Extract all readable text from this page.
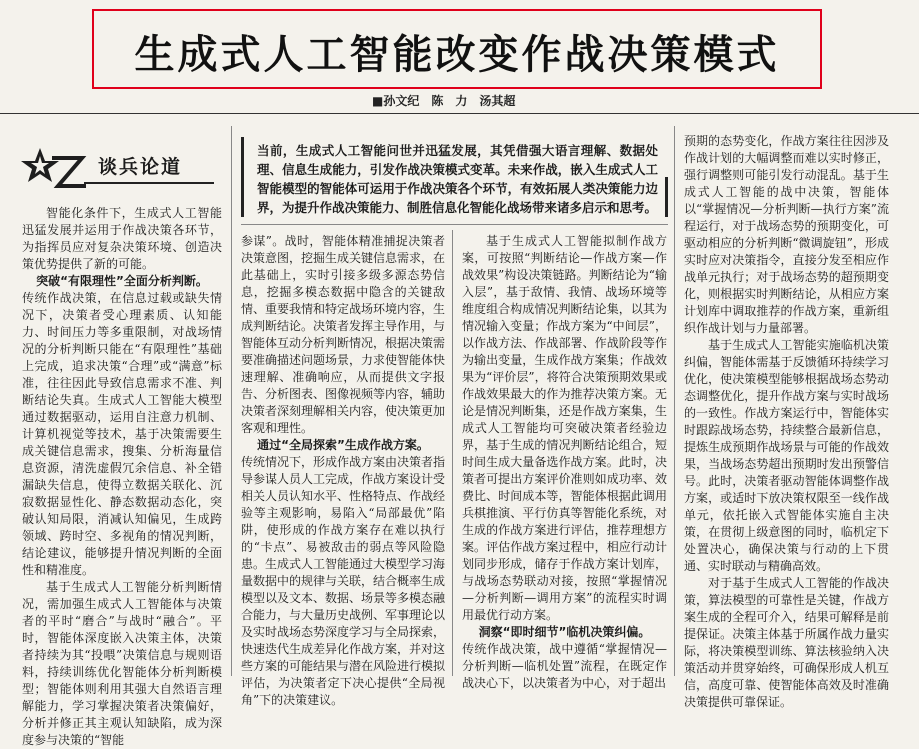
生成式人工智能改变作战决策模式
■孙文纪　陈　力　汤其超
谈兵论道
当前，生成式人工智能问世并迅猛发展，其凭借强大语言理解、数据处理、信息生成能力，引发作战决策模式变革。未来作战，嵌入生成式人工智能模型的智能体可运用于作战决策各个环节，有效拓展人类决策能力边界，为提升作战决策能力、制胜信息化智能化战场带来诸多启示和思考。

智能化条件下，生成式人工智能迅猛发展并运用于作战决策各环节，为指挥员应对复杂决策环境、创造决策优势提供了新的可能。

突破“有限理性”全面分析判断。

传统作战决策，在信息过载或缺失情况下，决策者受心理素质、认知能力、时间压力等多重限制，对战场情况的分析判断只能在“有限理性”基础上完成，追求决策“合理”或“满意”标准，往往因此导致信息需求不准、判断结论失真。生成式人工智能大模型通过数据驱动，运用自注意力机制、计算机视觉等技术，基于决策需要生成关键信息需求，搜集、分析海量信息资源，清洗虚假冗余信息、补全错漏缺失信息，使得立数据关联化、沉寂数据显性化、静态数据动态化，突破认知局限，消减认知偏见，生成跨领域、跨时空、多视角的情况判断，结论建议，能够提升情况判断的全面性和精准度。

基于生成式人工智能分析判断情况，需加强生成式人工智能体与决策者的平时“磨合”与战时“融合”。平时，智能体深度嵌入决策主体，决策者持续为其“投喂”决策信息与规则语料，持续训练优化智能体分析判断模型；智能体则利用其强大自然语言理解能力，学习掌握决策者决策偏好，分析并修正其主观认知缺陷，成为深度参与决策的“智能

参谋”。战时，智能体精准捕捉决策者决策意图，挖掘生成关键信息需求，在此基础上，实时引接多级多源态势信息，挖掘多模态数据中隐含的关键敌情、重要我情和特定战场环境内容，生成判断结论。决策者发挥主导作用，与智能体互动分析判断情况，根据决策需要准确描述问题场景，力求使智能体快速理解、准确响应，从而提供文字报告、分析图表、图像视频等内容，辅助决策者深刻理解相关内容，使决策更加客观和理性。

通过“全局探索”生成作战方案。

传统情况下，形成作战方案由决策者指导参谋人员人工完成，作战方案设计受相关人员认知水平、性格特点、作战经验等主观影响，易陷入“局部最优”陷阱，使形成的作战方案存在难以执行的“卡点”、易被敌击的弱点等风险隐患。生成式人工智能通过大模型学习海量数据中的规律与关联，结合概率生成模型以及文本、数据、场景等多模态融合能力，与大量历史战例、军事理论以及实时战场态势深度学习与全局探索，快速迭代生成差异化作战方案，并对这些方案的可能结果与潜在风险进行模拟评估，为决策者定下决心提供“全局视角”下的决策建议。

基于生成式人工智能拟制作战方案，可按照“判断结论—作战方案—作战效果”构设决策链路。判断结论为“输入层”，基于敌情、我情、战场环境等维度组合构成情况判断结论集，以其为情况输入变量；作战方案为“中间层”，以作战方法、作战部署、作战阶段等作为输出变量，生成作战方案集；作战效果为“评价层”，将符合决策预期效果或作战效果最大的作为推荐决策方案。无论是情况判断集，还是作战方案集，生成式人工智能均可突破决策者经验边界，基于生成的情况判断结论组合，短时间生成大量备选作战方案。此时，决策者可提出方案评价准则如成功率、效费比、时间成本等，智能体根据此调用兵棋推演、平行仿真等智能化系统，对生成的作战方案进行评估，推荐理想方案。评估作战方案过程中，相应行动计划同步形成，储存于作战方案计划库，与战场态势联动对接，按照“掌握情况—分析判断—调用方案”的流程实时调用最优行动方案。

洞察“即时细节”临机决策纠偏。

传统作战决策，战中遵循“掌握情况—分析判断—临机处置”流程，在既定作战决心下，以决策者为中心，对于超出

预期的态势变化，作战方案往往因涉及作战计划的大幅调整而难以实时修正，强行调整则可能引发行动混乱。基于生成式人工智能的战中决策，智能体以“掌握情况—分析判断—执行方案”流程运行，对于战场态势的预期变化，可驱动相应的分析判断“微调旋钮”，形成实时应对决策指令，直接分发至相应作战单元执行；对于战场态势的超预期变化，则根据实时判断结论，从相应方案计划库中调取推荐的作战方案，重新组织作战计划与力量部署。

基于生成式人工智能实施临机决策纠偏，智能体需基于反馈循环持续学习优化，使决策模型能够根据战场态势动态调整优化，提升作战方案与实时战场的一致性。作战方案运行中，智能体实时跟踪战场态势，持续整合最新信息，提炼生成预期作战场景与可能的作战效果，当战场态势超出预期时发出预警信号。此时，决策者驱动智能体调整作战方案，或适时下放决策权限至一线作战单元，依托嵌入式智能体实施自主决策，在贯彻上级意图的同时，临机定下处置决心，确保决策与行动的上下贯通、实时联动与精确高效。

对于基于生成式人工智能的作战决策，算法模型的可靠性是关键，作战方案生成的全程可介入，结果可解释是前提保证。决策主体基于所属作战力量实际，将决策模型训练、算法核验纳入决策活动并贯穿始终，可确保形成人机互信，高度可靠、使智能体高效及时准确决策提供可靠保证。
